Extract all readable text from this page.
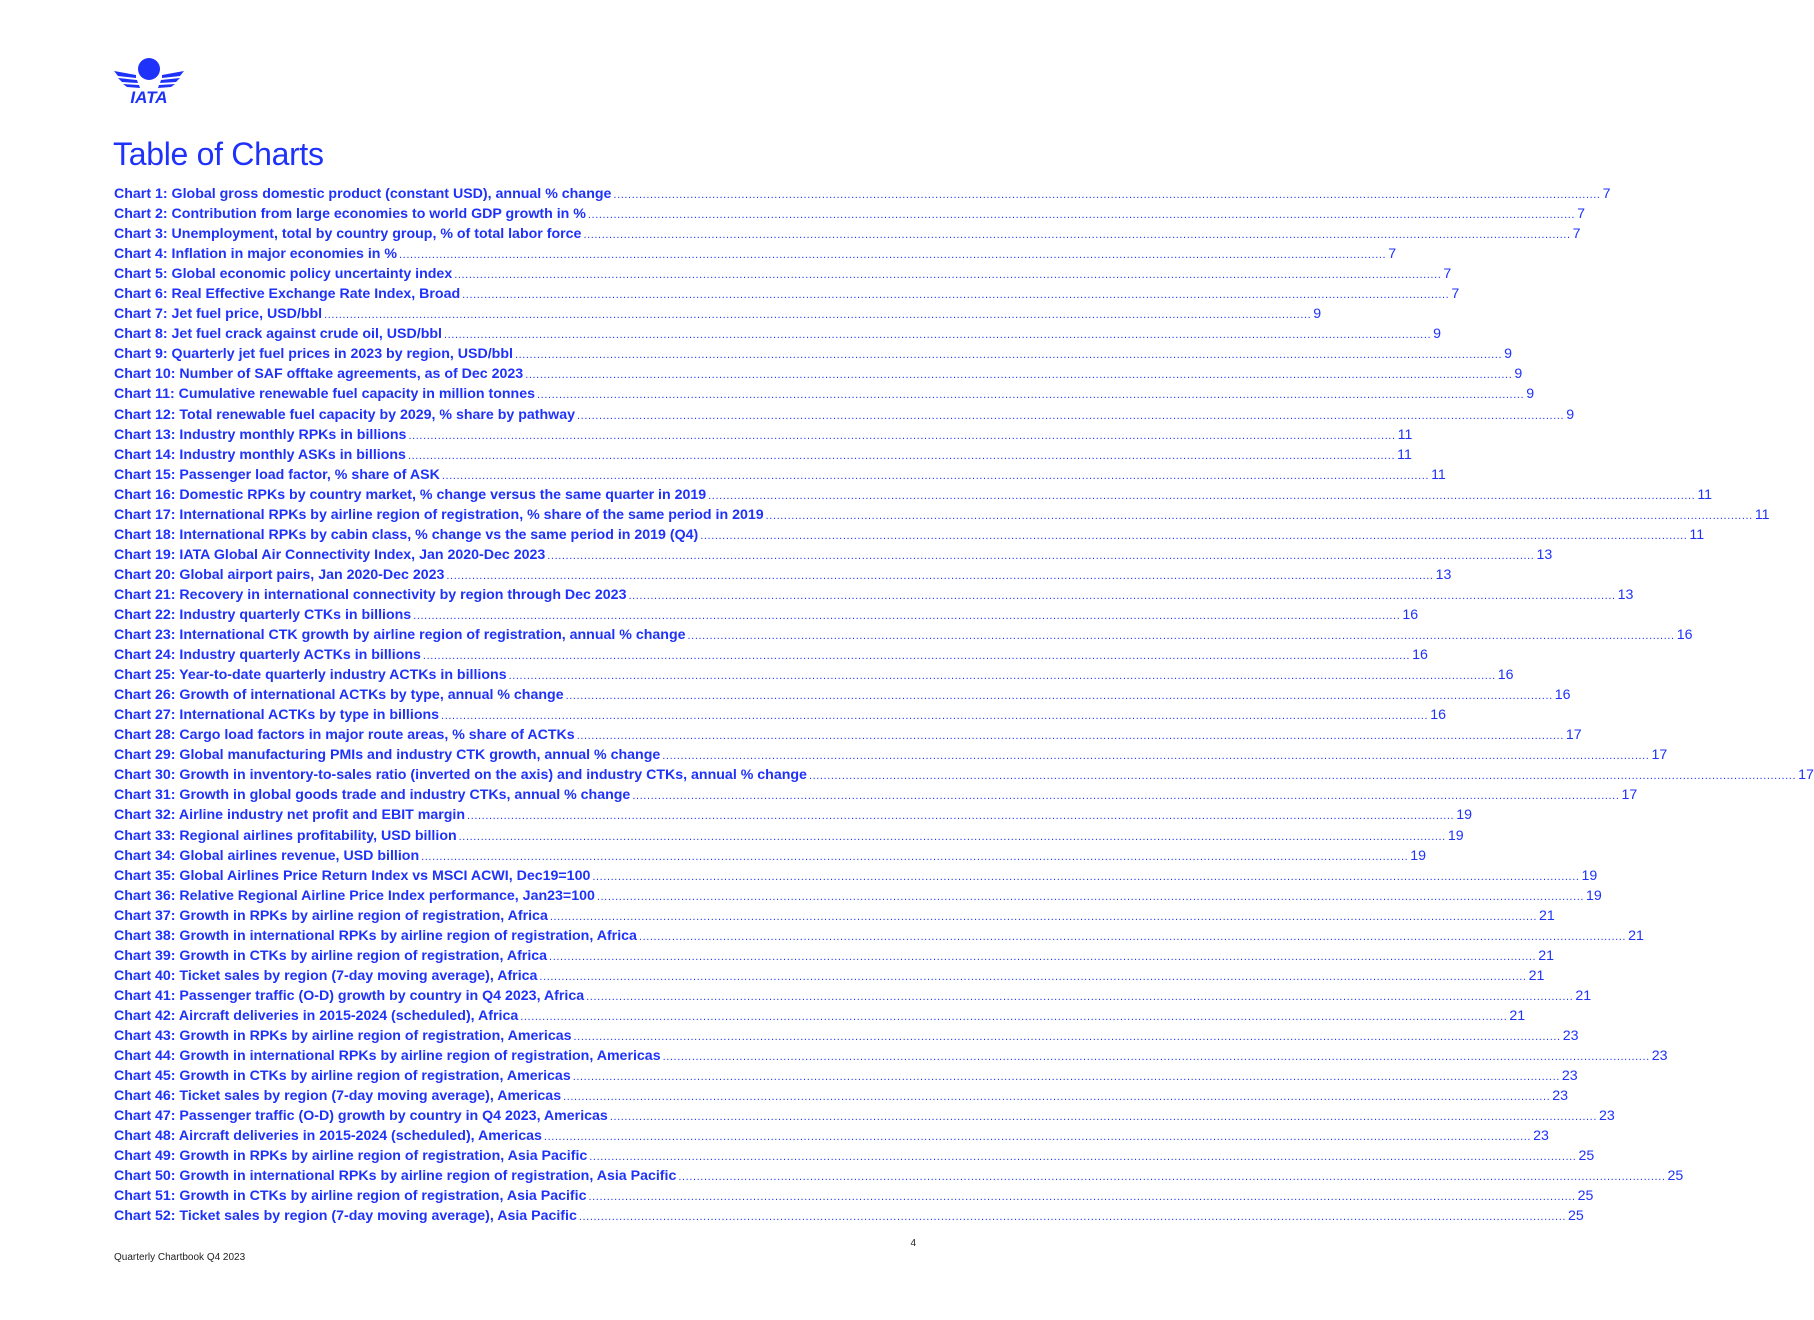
IATA
Table of Charts
Chart 1: Global gross domestic product (constant USD), annual % change .....	7
Chart 2: Contribution from large economies to world GDP growth in % .....	7
Chart 3: Unemployment, total by country group, % of total labor force .....	7
Chart 4: Inflation in major economies in % .....	7
Chart 5: Global economic policy uncertainty index .....	7
Chart 6: Real Effective Exchange Rate Index, Broad .....	7
Chart 7: Jet fuel price, USD/bbl .....	9
Chart 8: Jet fuel crack against crude oil, USD/bbl .....	9
Chart 9: Quarterly jet fuel prices in 2023 by region, USD/bbl .....	9
Chart 10: Number of SAF offtake agreements, as of Dec 2023 .....	9
Chart 11: Cumulative renewable fuel capacity in million tonnes .....	9
Chart 12: Total renewable fuel capacity by 2029, % share by pathway .....	9
Chart 13: Industry monthly RPKs in billions .....	11
Chart 14: Industry monthly ASKs in billions .....	11
Chart 15: Passenger load factor, % share of ASK .....	11
Chart 16: Domestic RPKs by country market, % change versus the same quarter in 2019 .....	11
Chart 17: International RPKs by airline region of registration, % share of the same period in 2019 .....	11
Chart 18: International RPKs by cabin class, % change vs the same period in 2019 (Q4) .....	11
Chart 19: IATA Global Air Connectivity Index, Jan 2020-Dec 2023 .....	13
Chart 20: Global airport pairs, Jan 2020-Dec 2023 .....	13
Chart 21: Recovery in international connectivity by region through Dec 2023 .....	13
Chart 22: Industry quarterly CTKs in billions .....	16
Chart 23: International CTK growth by airline region of registration, annual % change .....	16
Chart 24: Industry quarterly ACTKs in billions .....	16
Chart 25: Year-to-date quarterly industry ACTKs in billions .....	16
Chart 26: Growth of international ACTKs by type, annual % change .....	16
Chart 27: International ACTKs by type in billions .....	16
Chart 28: Cargo load factors in major route areas, % share of ACTKs .....	17
Chart 29: Global manufacturing PMIs and industry CTK growth, annual % change .....	17
Chart 30: Growth in inventory-to-sales ratio (inverted on the axis) and industry CTKs, annual % change .....	17
Chart 31: Growth in global goods trade and industry CTKs, annual % change .....	17
Chart 32: Airline industry net profit and EBIT margin .....	19
Chart 33: Regional airlines profitability, USD billion .....	19
Chart 34: Global airlines revenue, USD billion .....	19
Chart 35: Global Airlines Price Return Index vs MSCI ACWI, Dec19=100 .....	19
Chart 36: Relative Regional Airline Price Index performance, Jan23=100 .....	19
Chart 37: Growth in RPKs by airline region of registration, Africa .....	21
Chart 38: Growth in international RPKs by airline region of registration, Africa .....	21
Chart 39: Growth in CTKs by airline region of registration, Africa .....	21
Chart 40: Ticket sales by region (7-day moving average), Africa .....	21
Chart 41: Passenger traffic (O-D) growth by country in Q4 2023, Africa .....	21
Chart 42: Aircraft deliveries in 2015-2024 (scheduled), Africa .....	21
Chart 43: Growth in RPKs by airline region of registration, Americas .....	23
Chart 44: Growth in international RPKs by airline region of registration, Americas .....	23
Chart 45: Growth in CTKs by airline region of registration, Americas .....	23
Chart 46: Ticket sales by region (7-day moving average), Americas .....	23
Chart 47: Passenger traffic (O-D) growth by country in Q4 2023, Americas .....	23
Chart 48: Aircraft deliveries in 2015-2024 (scheduled), Americas .....	23
Chart 49: Growth in RPKs by airline region of registration, Asia Pacific .....	25
Chart 50: Growth in international RPKs by airline region of registration, Asia Pacific .....	25
Chart 51: Growth in CTKs by airline region of registration, Asia Pacific .....	25
Chart 52: Ticket sales by region (7-day moving average), Asia Pacific .....	25
4
Quarterly Chartbook Q4 2023
